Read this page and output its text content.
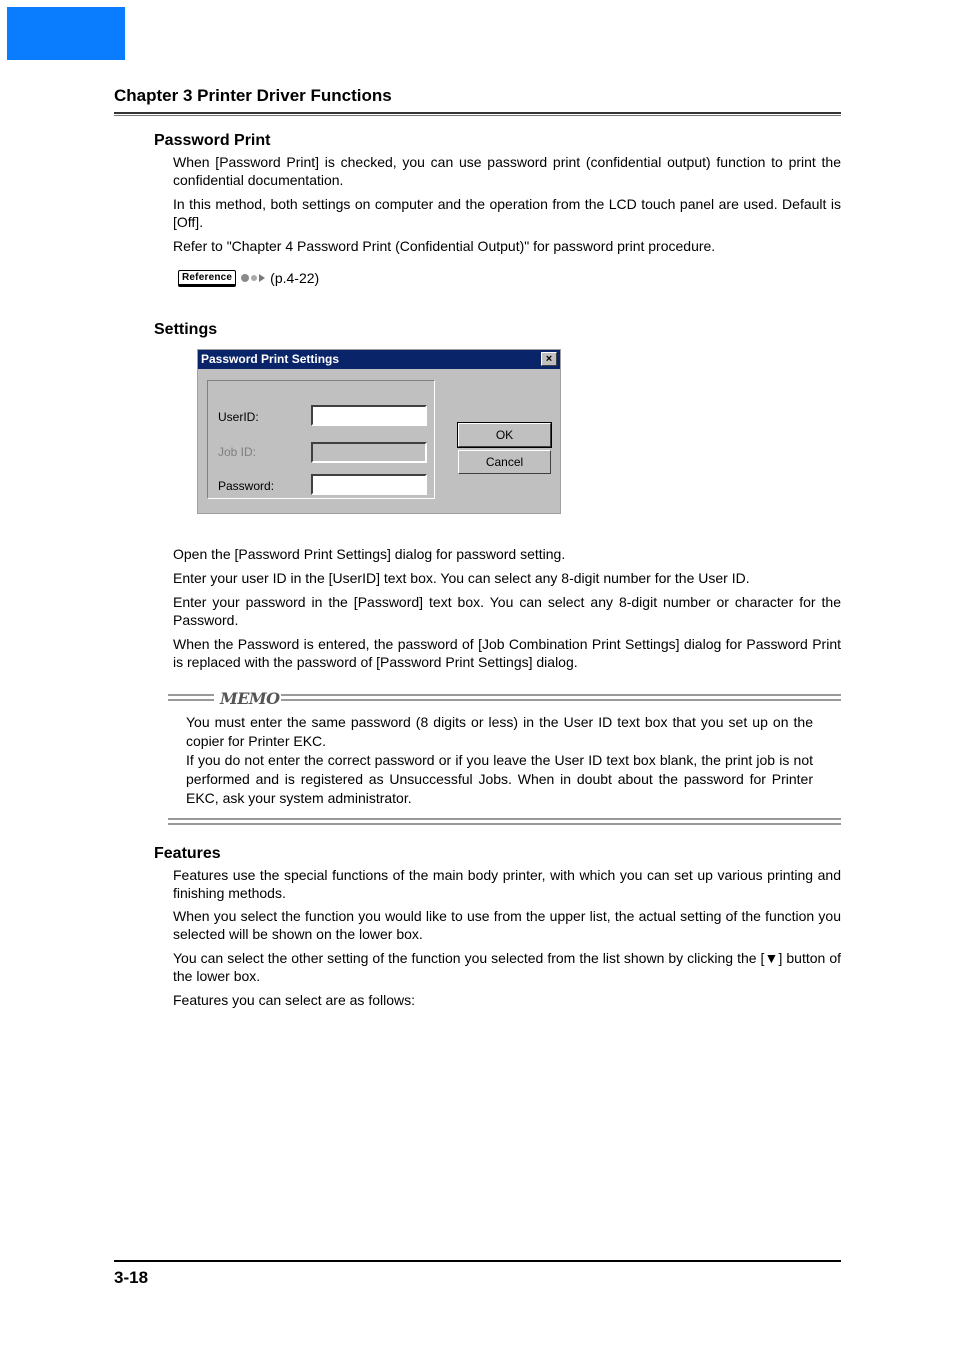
Chapter 3 Printer Driver Functions
Password Print
When [Password Print] is checked, you can use password print (confidential output) function to print the confidential documentation.
In this method, both settings on computer and the operation from the LCD touch panel are used. Default is [Off].
Refer to "Chapter 4 Password Print (Confidential Output)" for password print procedure.
Reference	(p.4-22)
Settings
Password Print Settings	×
UserID:
Job ID:
Password:
OK
Cancel
Open the [Password Print Settings] dialog for password setting.
Enter your user ID in the [UserID] text box. You can select any 8-digit number for the User ID.
Enter your password in the [Password] text box. You can select any 8-digit number or character for the Password.
When the Password is entered, the password of [Job Combination Print Settings] dialog for Password Print is replaced with the password of [Password Print Settings] dialog.
MEMO
You must enter the same password (8 digits or less) in the User ID text box that you set up on the copier for Printer EKC.
If you do not enter the correct password or if you leave the User ID text box blank, the print job is not performed and is registered as Unsuccessful Jobs. When in doubt about the password for Printer EKC, ask your system administrator.
Features
Features use the special functions of the main body printer, with which you can set up various printing and finishing methods.
When you select the function you would like to use from the upper list, the actual setting of the function you selected will be shown on the lower box.
You can select the other setting of the function you selected from the list shown by clicking the [▼] button of the lower box.
Features you can select are as follows:
3-18
